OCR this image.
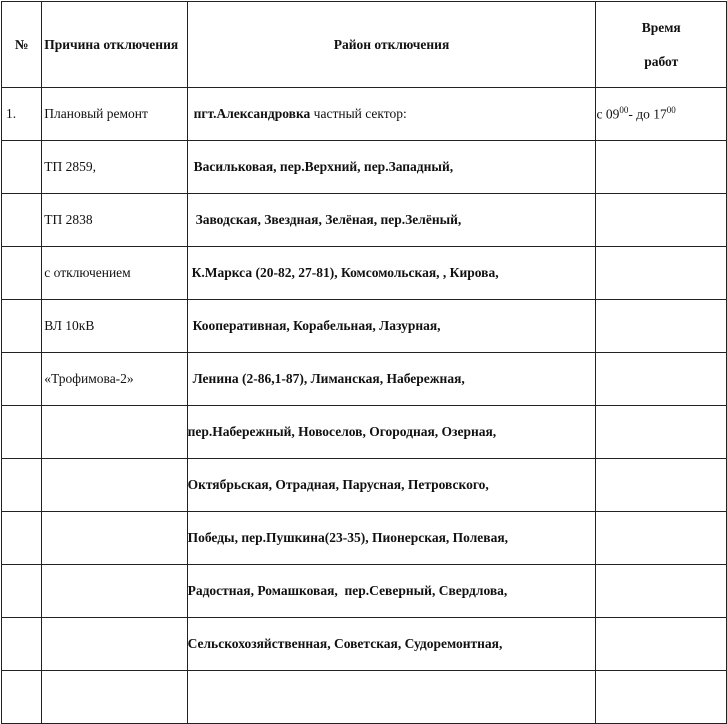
№	Причина отключения	Район отключения	Время
работ

1.	Плановый ремонт	пгт.Александровка частный сектор:	с $09^{00}-$ до $17^{00}$
	ТП 2859,	Васильковая, пер.Верхний, пер.Западный,	
	ТП 2838	Заводская, Звездная, Зелёная, пер.Зелёный,	
	с отключением	К.Маркса (20-82, 27-81), Комсомольская, , Кирова,	
	ВЛ 10кВ	Кооперативная, Корабельная, Лазурная,	
	«Трофимова-2»	Ленина (2-86,1-87), Лиманская, Набережная,	
		пер.Набережный, Новоселов, Огородная, Озерная,	
		Октябрьская, Отрадная, Парусная, Петровского,	
		Победы, пер.Пушкина(23-35), Пионерская, Полевая,	
		Радостная, Ромашковая,  пер.Северный, Свердлова,	
		Сельскохозяйственная, Советская, Судоремонтная,	
